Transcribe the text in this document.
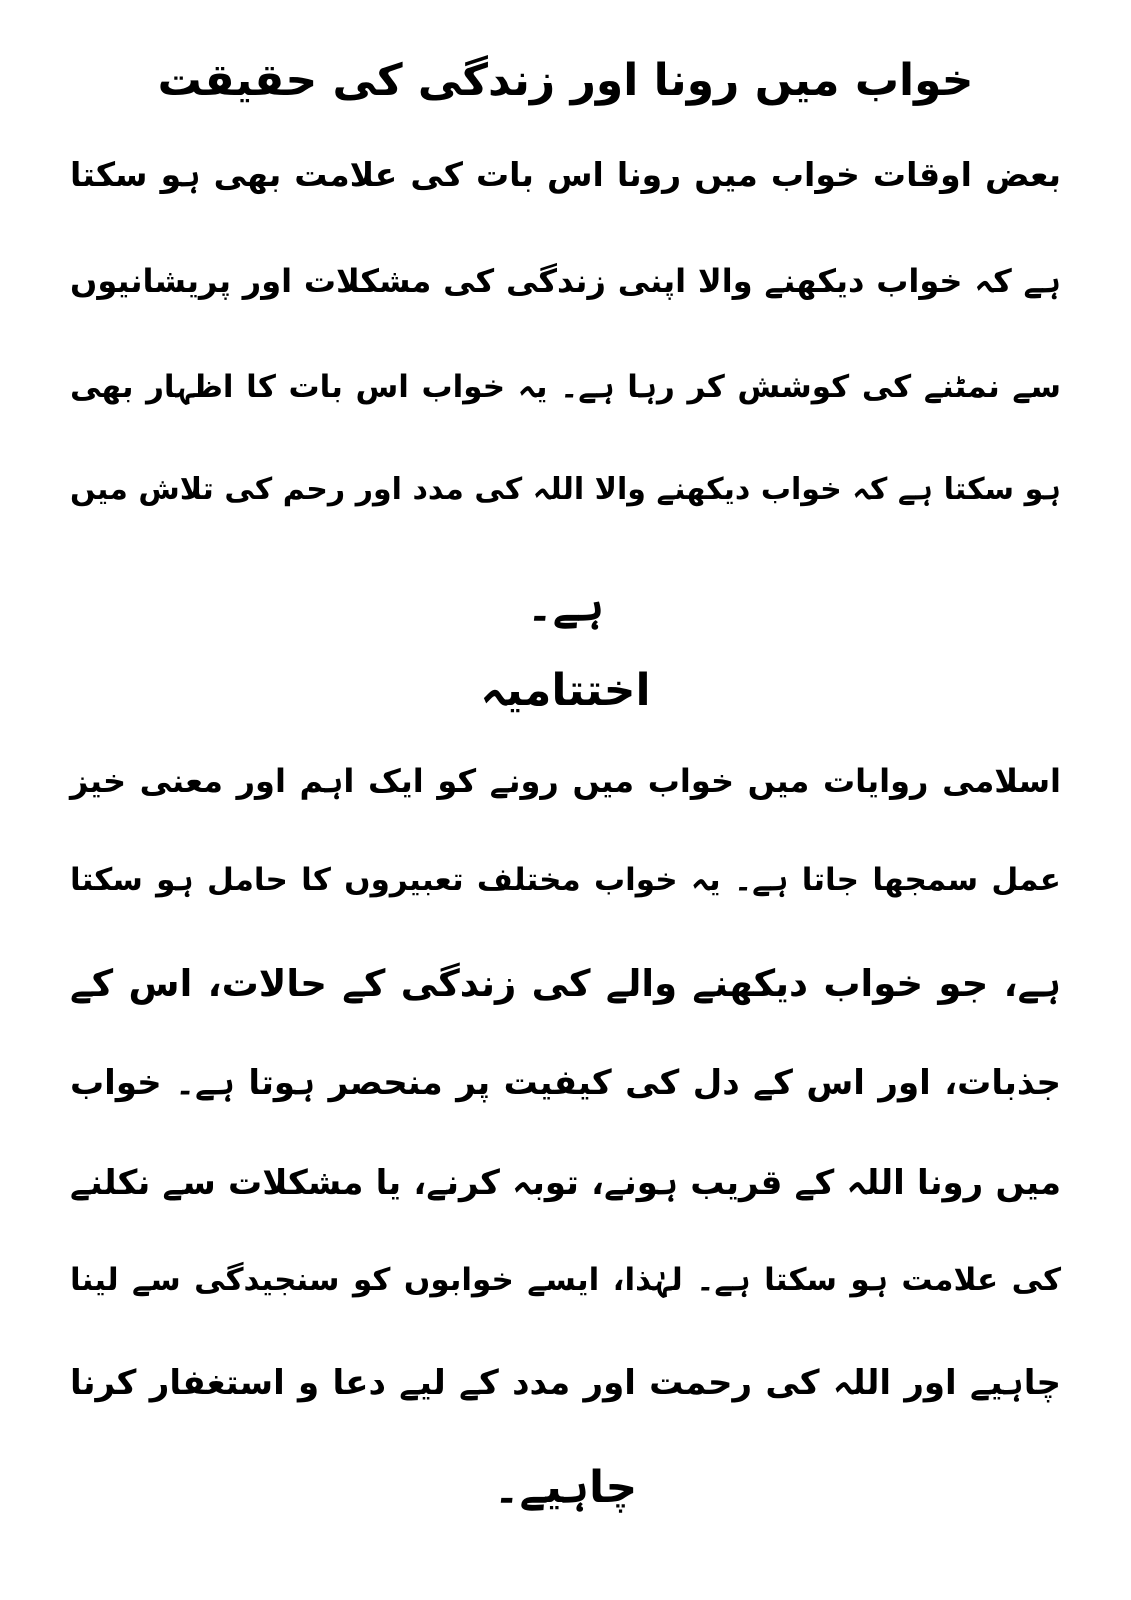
خواب میں رونا اور زندگی کی حقیقت
بعض اوقات خواب میں رونا اس بات کی علامت بھی ہو سکتا
ہے کہ خواب دیکھنے والا اپنی زندگی کی مشکلات اور پریشانیوں
سے نمٹنے کی کوشش کر رہا ہے۔ یہ خواب اس بات کا اظہار بھی
ہو سکتا ہے کہ خواب دیکھنے والا اللہ کی مدد اور رحم کی تلاش میں
ہے۔
اختتامیہ
اسلامی روایات میں خواب میں رونے کو ایک اہم اور معنی خیز
عمل سمجھا جاتا ہے۔ یہ خواب مختلف تعبیروں کا حامل ہو سکتا
ہے، جو خواب دیکھنے والے کی زندگی کے حالات، اس کے
جذبات، اور اس کے دل کی کیفیت پر منحصر ہوتا ہے۔ خواب
میں رونا اللہ کے قریب ہونے، توبہ کرنے، یا مشکلات سے نکلنے
کی علامت ہو سکتا ہے۔ لہٰذا، ایسے خوابوں کو سنجیدگی سے لینا
چاہیے اور اللہ کی رحمت اور مدد کے لیے دعا و استغفار کرنا
چاہیے۔
